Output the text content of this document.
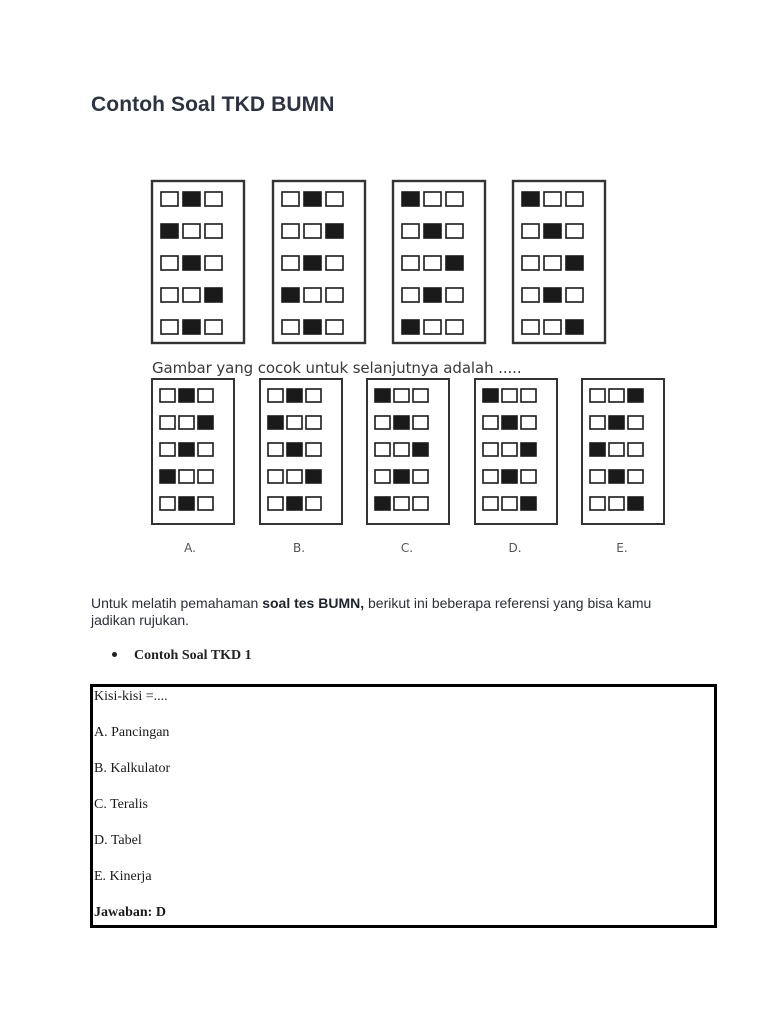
Contoh Soal TKD BUMN
Gambar yang cocok untuk selanjutnya adalah .....
A.	B.	C.	D.	E.

Untuk melatih pemahaman soal tes BUMN, berikut ini beberapa referensi yang bisa kamu jadikan rujukan.

Contoh Soal TKD 1
Kisi-kisi =....
A. Pancingan
B. Kalkulator
C. Teralis
D. Tabel
E. Kinerja
Jawaban: D
